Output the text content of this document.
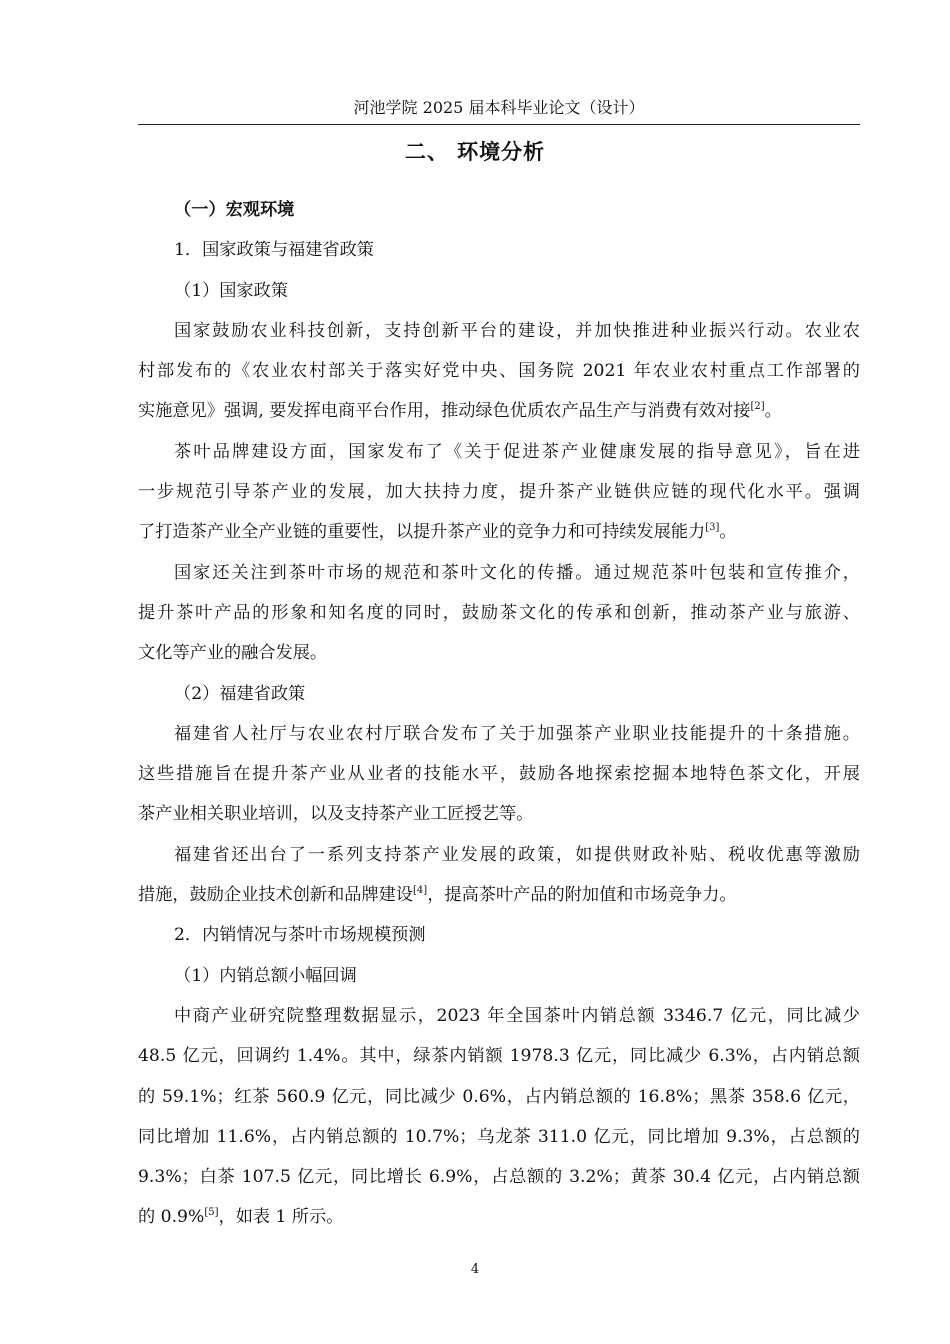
河池学院 2025 届本科毕业论文（设计）
二、 环境分析
（一）宏观环境
1．国家政策与福建省政策
（1）国家政策
国家鼓励农业科技创新，支持创新平台的建设，并加快推进种业振兴行动。农业农
村部发布的《农业农村部关于落实好党中央、国务院 2021 年农业农村重点工作部署的
实施意见》强调, 要发挥电商平台作用，推动绿色优质农产品生产与消费有效对接[2]。
茶叶品牌建设方面，国家发布了《关于促进茶产业健康发展的指导意见》，旨在进
一步规范引导茶产业的发展，加大扶持力度，提升茶产业链供应链的现代化水平。强调
了打造茶产业全产业链的重要性，以提升茶产业的竞争力和可持续发展能力[3]。
国家还关注到茶叶市场的规范和茶叶文化的传播。通过规范茶叶包装和宣传推介，
提升茶叶产品的形象和知名度的同时，鼓励茶文化的传承和创新，推动茶产业与旅游、
文化等产业的融合发展。
（2）福建省政策
福建省人社厅与农业农村厅联合发布了关于加强茶产业职业技能提升的十条措施。
这些措施旨在提升茶产业从业者的技能水平，鼓励各地探索挖掘本地特色茶文化，开展
茶产业相关职业培训，以及支持茶产业工匠授艺等。
福建省还出台了一系列支持茶产业发展的政策，如提供财政补贴、税收优惠等激励
措施，鼓励企业技术创新和品牌建设[4]，提高茶叶产品的附加值和市场竞争力。
2．内销情况与茶叶市场规模预测
（1）内销总额小幅回调
中商产业研究院整理数据显示，2023 年全国茶叶内销总额 3346.7 亿元，同比减少
48.5 亿元，回调约 1.4%。其中，绿茶内销额 1978.3 亿元，同比减少 6.3%，占内销总额
的 59.1%；红茶 560.9 亿元，同比减少 0.6%，占内销总额的 16.8%；黑茶 358.6 亿元，
同比增加 11.6%，占内销总额的 10.7%；乌龙茶 311.0 亿元，同比增加 9.3%，占总额的
9.3%；白茶 107.5 亿元，同比增长 6.9%，占总额的 3.2%；黄茶 30.4 亿元，占内销总额
的 0.9%[5]，如表 1 所示。
4
